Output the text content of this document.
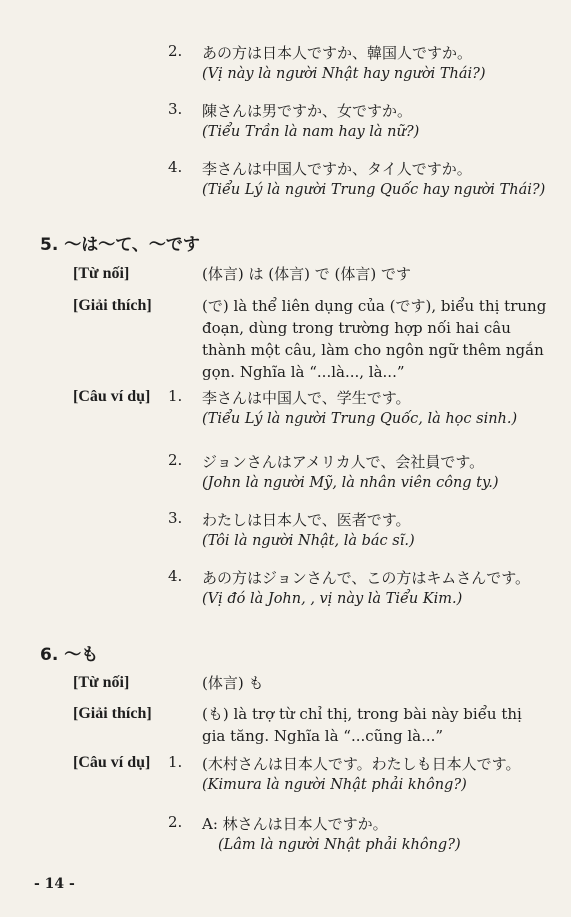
2. あの方は日本人ですか、韓国人ですか。
(Vị này là người Nhật hay người Thái?)
3. 陳さんは男ですか、女ですか。
(Tiểu Trần là nam hay là nữ?)
4. 李さんは中国人ですか、タイ人ですか。
(Tiểu Lý là người Trung Quốc hay người Thái?)
5. ～は～て、～です
[Từ nối]	(体言) は (体言) で (体言) です
[Giải thích]	(で) là thể liên dụng của (です), biểu thị trung đoạn, dùng trong trường hợp nối hai câu thành một câu, làm cho ngôn ngữ thêm ngắn gọn. Nghĩa là “...là..., là...”
[Câu ví dụ] 1. 李さんは中国人で、学生です。
(Tiểu Lý là người Trung Quốc, là học sinh.)
2. ジョンさんはアメリカ人で、会社員です。
(John là người Mỹ, là nhân viên công ty.)
3. わたしは日本人で、医者です。
(Tôi là người Nhật, là bác sĩ.)
4. あの方はジョンさんで、この方はキムさんです。
(Vị đó là John, , vị này là Tiểu Kim.)
6. ～も
[Từ nối]	(体言) も
[Giải thích]	(も) là trợ từ chỉ thị, trong bài này biểu thị gia tăng. Nghĩa là “...cũng là...”
[Câu ví dụ] 1. (木村さんは日本人です。わたしも日本人です。
(Kimura là người Nhật phải không?)
2. A: 林さんは日本人ですか。
(Lâm là người Nhật phải không?)
- 14 -
